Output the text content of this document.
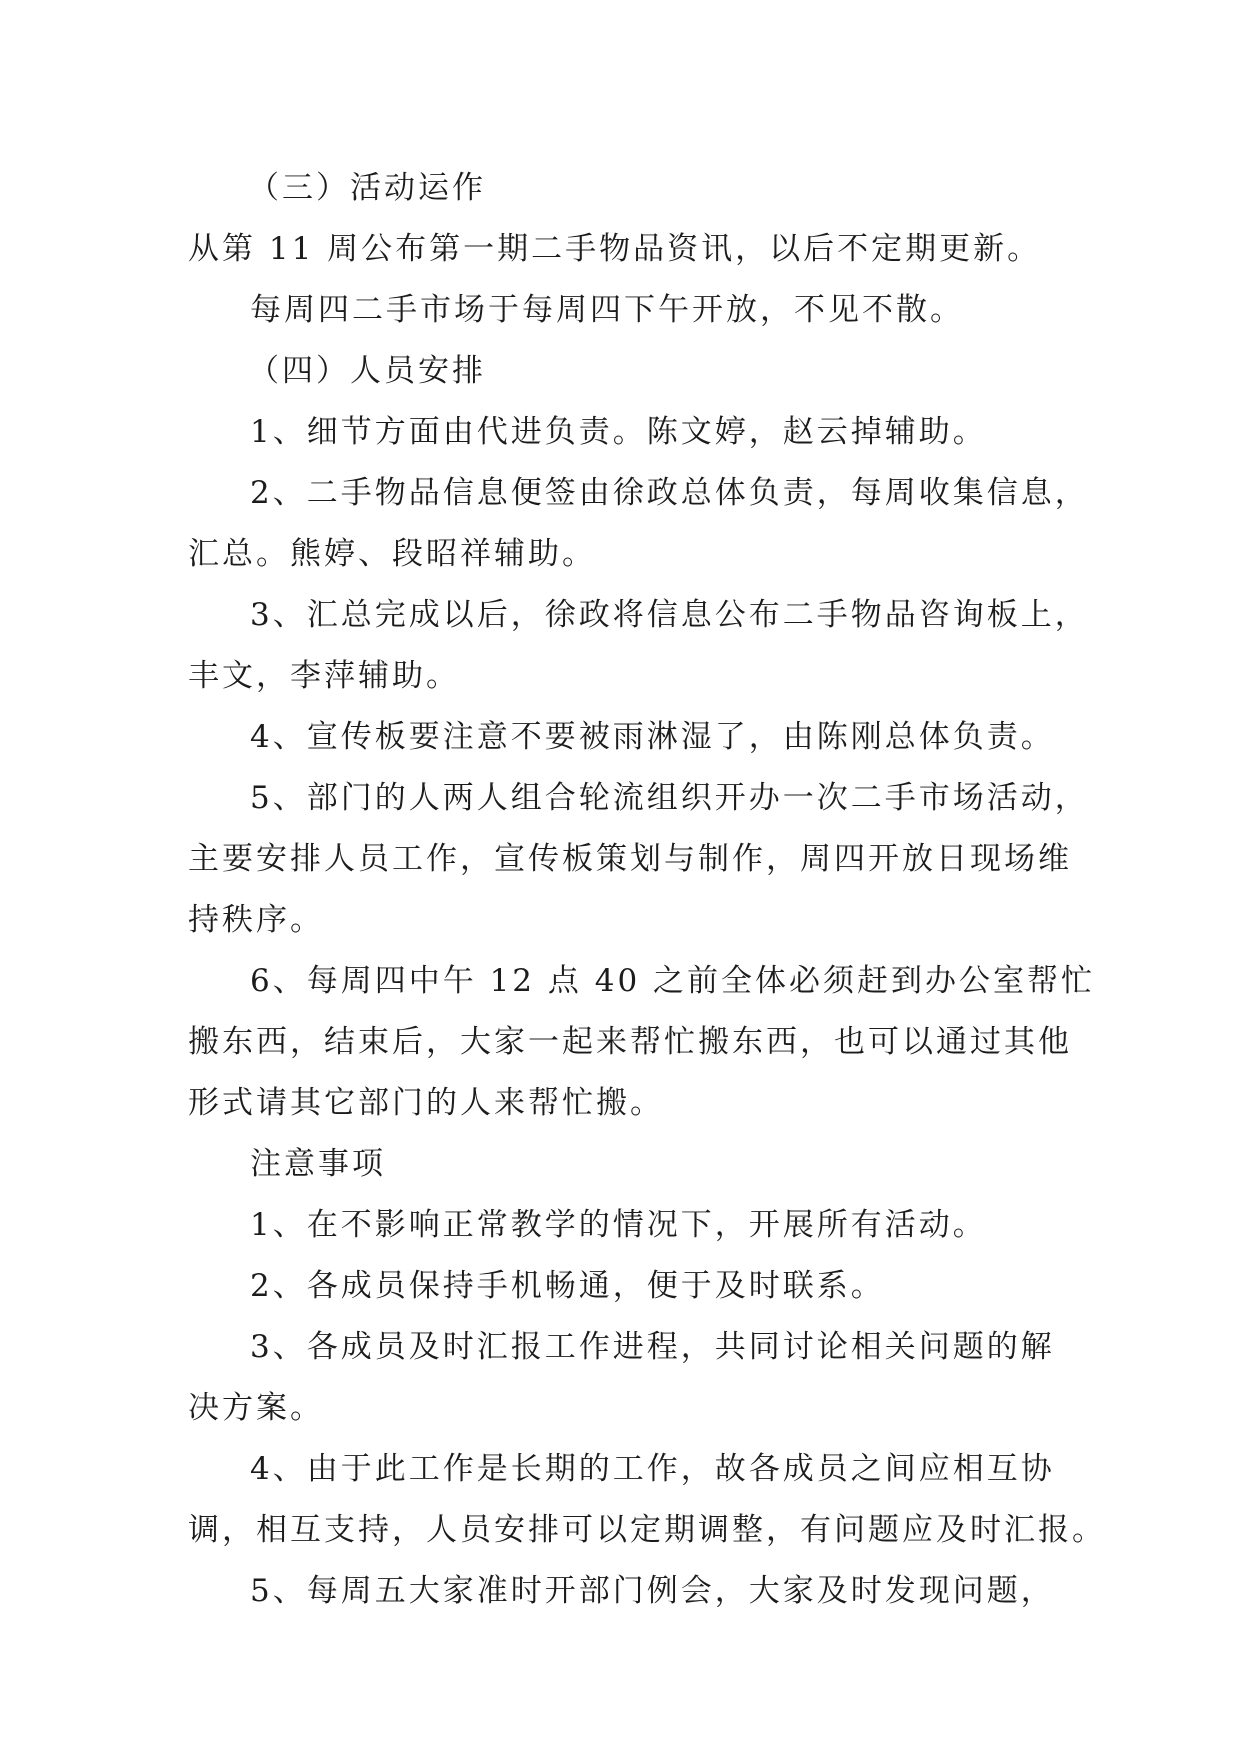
（三）活动运作
从第 11 周公布第一期二手物品资讯，以后不定期更新。
每周四二手市场于每周四下午开放，不见不散。
（四）人员安排
1、细节方面由代进负责。陈文婷，赵云掉辅助。
2、二手物品信息便签由徐政总体负责，每周收集信息，
汇总。熊婷、段昭祥辅助。
3、汇总完成以后，徐政将信息公布二手物品咨询板上，
丰文，李萍辅助。
4、宣传板要注意不要被雨淋湿了，由陈刚总体负责。
5、部门的人两人组合轮流组织开办一次二手市场活动，
主要安排人员工作，宣传板策划与制作，周四开放日现场维
持秩序。
6、每周四中午 12 点 40 之前全体必须赶到办公室帮忙
搬东西，结束后，大家一起来帮忙搬东西，也可以通过其他
形式请其它部门的人来帮忙搬。
注意事项
1、在不影响正常教学的情况下，开展所有活动。
2、各成员保持手机畅通，便于及时联系。
3、各成员及时汇报工作进程，共同讨论相关问题的解
决方案。
4、由于此工作是长期的工作，故各成员之间应相互协
调，相互支持，人员安排可以定期调整，有问题应及时汇报。
5、每周五大家准时开部门例会，大家及时发现问题，
